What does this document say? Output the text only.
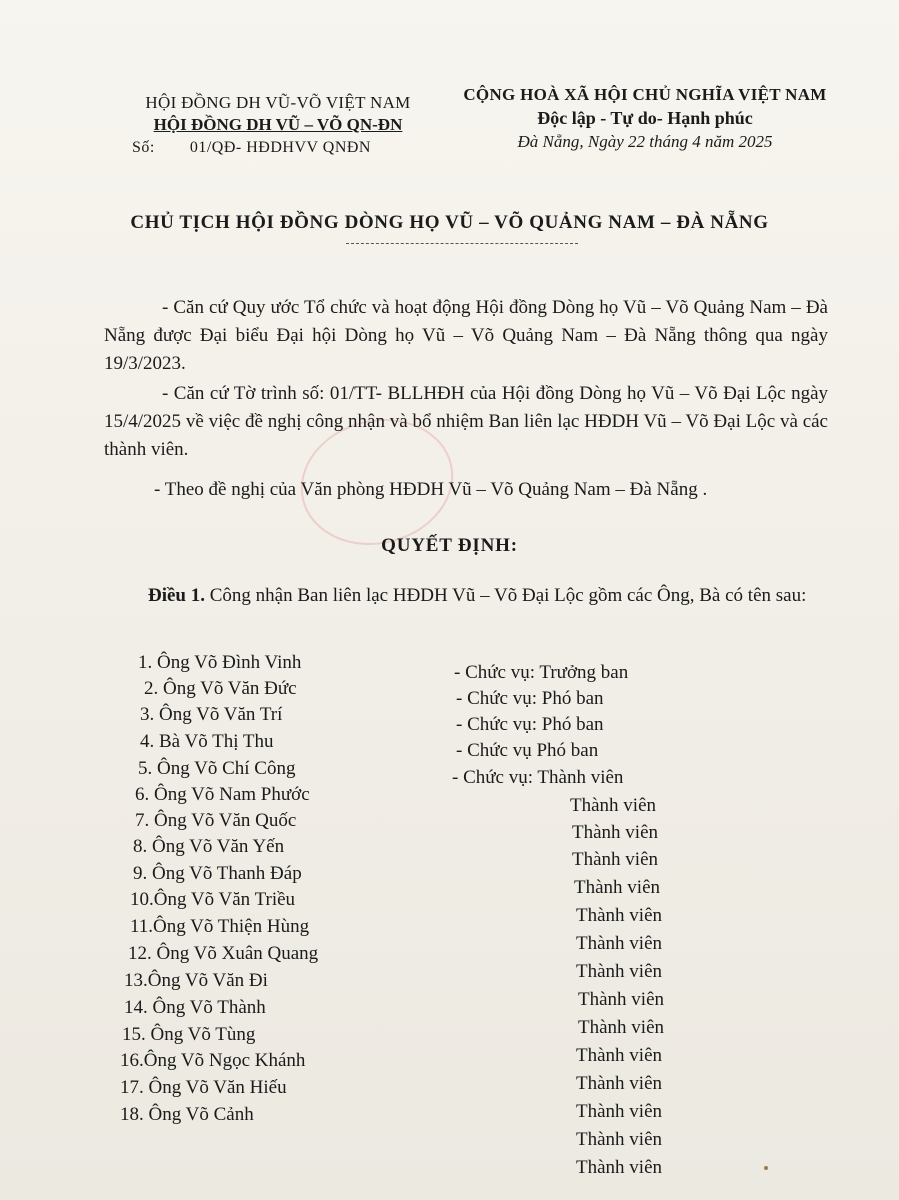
HỘI ĐỒNG DH VŨ-VÕ VIỆT NAM
HỘI ĐỒNG DH VŨ – VÕ QN-ĐN
Số: 01/QĐ- HĐDHVV QNĐN
CỘNG HOÀ XÃ HỘI CHỦ NGHĨA VIỆT NAM
Độc lập - Tự do- Hạnh phúc
Đà Nẵng, Ngày 22 tháng 4 năm 2025
CHỦ TỊCH HỘI ĐỒNG DÒNG HỌ VŨ – VÕ QUẢNG NAM – ĐÀ NẴNG
- Căn cứ Quy ước Tổ chức và hoạt động Hội đồng Dòng họ Vũ – Võ Quảng Nam – Đà Nẵng được Đại biểu Đại hội Dòng họ Vũ – Võ Quảng Nam – Đà Nẵng thông qua ngày 19/3/2023.
- Căn cứ Tờ trình số: 01/TT- BLLHĐH của Hội đồng Dòng họ Vũ – Võ Đại Lộc ngày 15/4/2025 về việc đề nghị công nhận và bổ nhiệm Ban liên lạc HĐDH Vũ – Võ Đại Lộc và các thành viên.
- Theo đề nghị của Văn phòng HĐDH Vũ – Võ Quảng Nam – Đà Nẵng .
QUYẾT ĐỊNH:
Điều 1. Công nhận Ban liên lạc HĐDH Vũ – Võ Đại Lộc gồm các Ông, Bà có tên sau:
1. Ông Võ Đình Vinh
2. Ông Võ Văn Đức
3. Ông Võ Văn Trí
4. Bà Võ Thị Thu
5. Ông Võ Chí Công
6. Ông Võ Nam Phước
7. Ông Võ Văn Quốc
8. Ông Võ Văn Yến
9. Ông Võ Thanh Đáp
10.Ông Võ Văn Triều
11.Ông Võ Thiện Hùng
12. Ông Võ Xuân Quang
13.Ông Võ Văn Đi
14. Ông Võ Thành
15. Ông Võ Tùng
16.Ông Võ Ngọc Khánh
17. Ông Võ Văn Hiếu
18. Ông Võ Cảnh
- Chức vụ: Trưởng ban
- Chức vụ: Phó ban
- Chức vụ: Phó ban
- Chức vụ Phó ban
- Chức vụ: Thành viên
Thành viên
Thành viên
Thành viên
Thành viên
Thành viên
Thành viên
Thành viên
Thành viên
Thành viên
Thành viên
Thành viên
Thành viên
Thành viên
Thành viên
